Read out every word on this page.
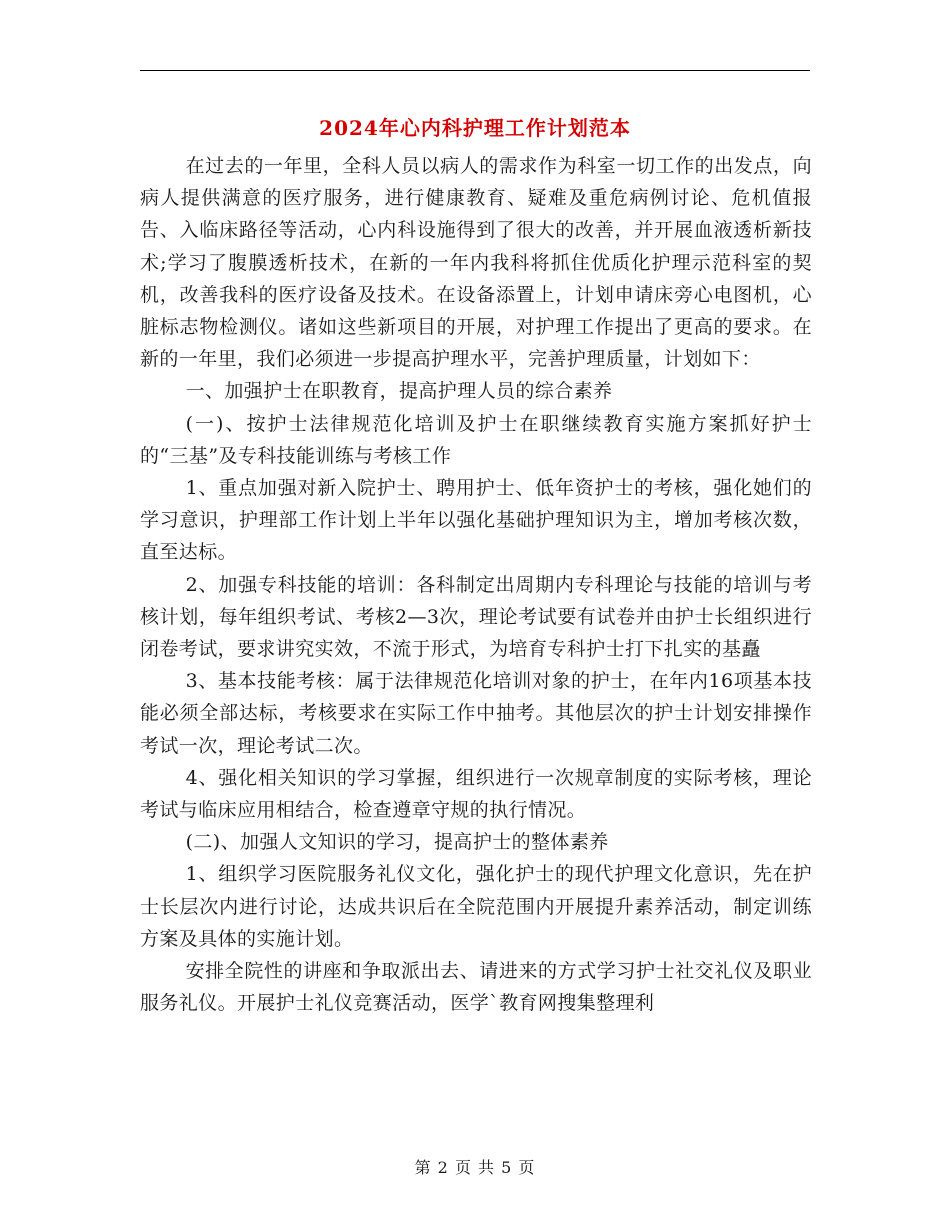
2024年心内科护理工作计划范本

在过去的一年里，全科人员以病人的需求作为科室一切工作的出发点，向病人提供满意的医疗服务，进行健康教育、疑难及重危病例讨论、危机值报告、入临床路径等活动，心内科设施得到了很大的改善，并开展血液透析新技术;学习了腹膜透析技术，在新的一年内我科将抓住优质化护理示范科室的契机，改善我科的医疗设备及技术。在设备添置上，计划申请床旁心电图机，心脏标志物检测仪。诸如这些新项目的开展，对护理工作提出了更高的要求。在新的一年里，我们必须进一步提高护理水平，完善护理质量，计划如下：

一、加强护士在职教育，提高护理人员的综合素养

(一)、按护士法律规范化培训及护士在职继续教育实施方案抓好护士的“三基”及专科技能训练与考核工作

1、重点加强对新入院护士、聘用护士、低年资护士的考核，强化她们的学习意识，护理部工作计划上半年以强化基础护理知识为主，增加考核次数，直至达标。

2、加强专科技能的培训：各科制定出周期内专科理论与技能的培训与考核计划，每年组织考试、考核2—3次，理论考试要有试卷并由护士长组织进行闭卷考试，要求讲究实效，不流于形式，为培育专科护士打下扎实的基矗

3、基本技能考核：属于法律规范化培训对象的护士，在年内16项基本技能必须全部达标，考核要求在实际工作中抽考。其他层次的护士计划安排操作考试一次，理论考试二次。

4、强化相关知识的学习掌握，组织进行一次规章制度的实际考核，理论考试与临床应用相结合，检查遵章守规的执行情况。

(二)、加强人文知识的学习，提高护士的整体素养

1、组织学习医院服务礼仪文化，强化护士的现代护理文化意识，先在护士长层次内进行讨论，达成共识后在全院范围内开展提升素养活动，制定训练方案及具体的实施计划。

安排全院性的讲座和争取派出去、请进来的方式学习护士社交礼仪及职业服务礼仪。开展护士礼仪竞赛活动，医学`教育网搜集整理利

第 2 页 共 5 页
